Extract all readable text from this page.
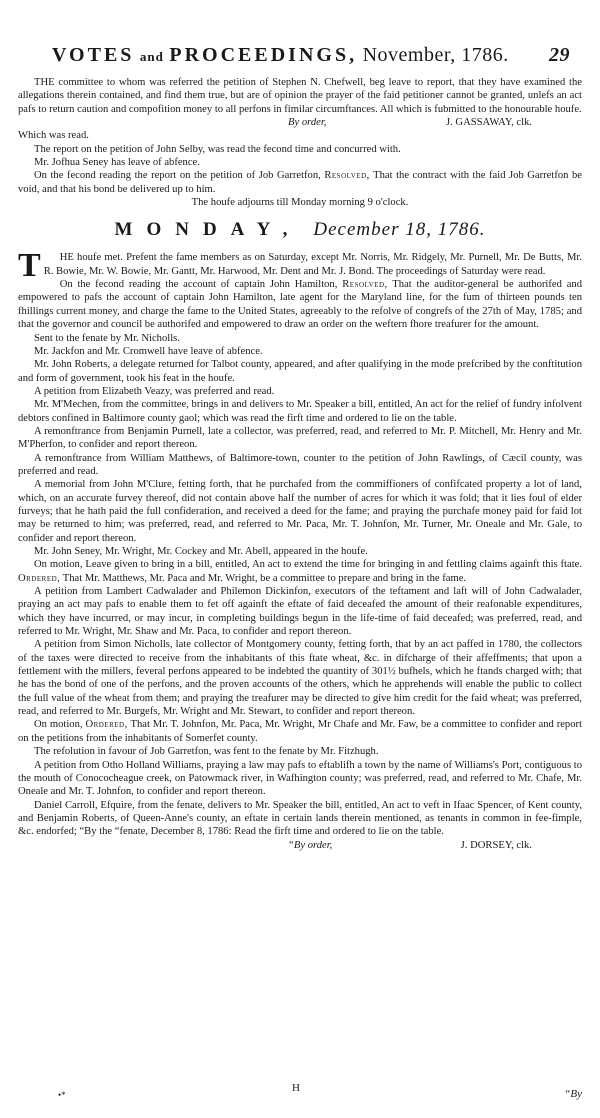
VOTES and PROCEEDINGS, November, 1786. 29

THE committee to whom was referred the petition of Stephen N. Chefwell, beg leave to report, that they have examined the allegations therein contained, and find them true, but are of opinion the prayer of the faid petitioner cannot be granted, unlefs an act pafs to return caution and compofition money to all perfons in fimilar circumftances. All which is fubmitted to the honourable houfe.

By order,	J. GASSAWAY, clk.

Which was read.

The report on the petition of John Selby, was read the fecond time and concurred with.

Mr. Jofhua Seney has leave of abfence.

On the fecond reading the report on the petition of Job Garretfon, Resolved, That the contract with the faid Job Garretfon be void, and that his bond be delivered up to him.

The houfe adjourns till Monday morning 9 o'clock.

MONDAY, December 18, 1786.

T HE houfe met. Prefent the fame members as on Saturday, except Mr. Norris, Mr. Ridgely, Mr. Purnell, Mr. De Butts, Mr. R. Bowie, Mr. W. Bowie, Mr. Gantt, Mr. Harwood, Mr. Dent and Mr. J. Bond. The proceedings of Saturday were read.

On the fecond reading the account of captain John Hamilton, Resolved, That the auditor-general be authorifed and empowered to pafs the account of captain John Hamilton, late agent for the Maryland line, for the fum of thirteen pounds ten fhillings current money, and charge the fame to the United States, agreeably to the refolve of congrefs of the 27th of May, 1785; and that the governor and council be authorifed and empowered to draw an order on the weftern fhore treafurer for the amount.

Sent to the fenate by Mr. Nicholls.

Mr. Jackfon and Mr. Cromwell have leave of abfence.

Mr. John Roberts, a delegate returned for Talbot county, appeared, and after qualifying in the mode prefcribed by the conftitution and form of government, took his feat in the houfe.

A petition from Elizabeth Veazy, was preferred and read.

Mr. M'Mechen, from the committee, brings in and delivers to Mr. Speaker a bill, entitled, An act for the relief of fundry infolvent debtors confined in Baltimore county gaol; which was read the firft time and ordered to lie on the table.

A remonftrance from Benjamin Purnell, late a collector, was preferred, read, and referred to Mr. P. Mitchell, Mr. Henry and Mr. M'Pherfon, to confider and report thereon.

A remonftrance from William Matthews, of Baltimore-town, counter to the petition of John Rawlings, of Cæcil county, was preferred and read.

A memorial from John M'Clure, fetting forth, that he purchafed from the commiffioners of confifcated property a lot of land, which, on an accurate furvey thereof, did not contain above half the number of acres for which it was fold; that it lies foul of elder furveys; that he hath paid the full confideration, and received a deed for the fame; and praying the purchafe money paid for faid lot may be returned to him; was preferred, read, and referred to Mr. Paca, Mr. T. Johnfon, Mr. Turner, Mr. Oneale and Mr. Gale, to confider and report thereon.

Mr. John Seney, Mr. Wright, Mr. Cockey and Mr. Abell, appeared in the houfe.

On motion, Leave given to bring in a bill, entitled, An act to extend the time for bringing in and fettling claims againft this ftate. Ordered, That Mr. Matthews, Mr. Paca and Mr. Wright, be a committee to prepare and bring in the fame.

A petition from Lambert Cadwalader and Philemon Dickinfon, executors of the teftament and laft will of John Cadwalader, praying an act may pafs to enable them to fet off againft the eftate of faid deceafed the amount of their reafonable expenditures, which they have incurred, or may incur, in completing buildings begun in the life-time of faid deceafed; was preferred, read, and referred to Mr. Wright, Mr. Shaw and Mr. Paca, to confider and report thereon.

A petition from Simon Nicholls, late collector of Montgomery county, fetting forth, that by an act paffed in 1780, the collectors of the taxes were directed to receive from the inhabitants of this ftate wheat, &c. in difcharge of their affeffments; that upon a fettlement with the millers, feveral perfons appeared to be indebted the quantity of 301½ bufhels, which he ftands charged with; that he has the bond of one of the perfons, and the proven accounts of the others, which he apprehends will enable the public to collect the full value of the wheat from them; and praying the treafurer may be directed to give him credit for the faid wheat; was preferred, read, and referred to Mr. Burgefs, Mr. Wright and Mr. Stewart, to confider and report thereon.

On motion, Ordered, That Mr. T. Johnfon, Mr. Paca, Mr. Wright, Mr Chafe and Mr. Faw, be a committee to confider and report on the petitions from the inhabitants of Somerfet county.

The refolution in favour of Job Garretfon, was fent to the fenate by Mr. Fitzhugh.

A petition from Otho Holland Williams, praying a law may pafs to eftablifh a town by the name of Williams's Port, contiguous to the mouth of Conococheague creek, on Patowmack river, in Wafhington county; was preferred, read, and referred to Mr. Chafe, Mr. Oneale and Mr. T. Johnfon, to confider and report thereon.

Daniel Carroll, Efquire, from the fenate, delivers to Mr. Speaker the bill, entitled, An act to veft in Ifaac Spencer, of Kent county, and Benjamin Roberts, of Queen-Anne's county, an eftate in certain lands therein mentioned, as tenants in common in fee-fimple, &c. endorfed; “By the “fenate, December 8, 1786: Read the firft time and ordered to lie on the table.

“By order,	J. DORSEY, clk.
•*
H	“By
